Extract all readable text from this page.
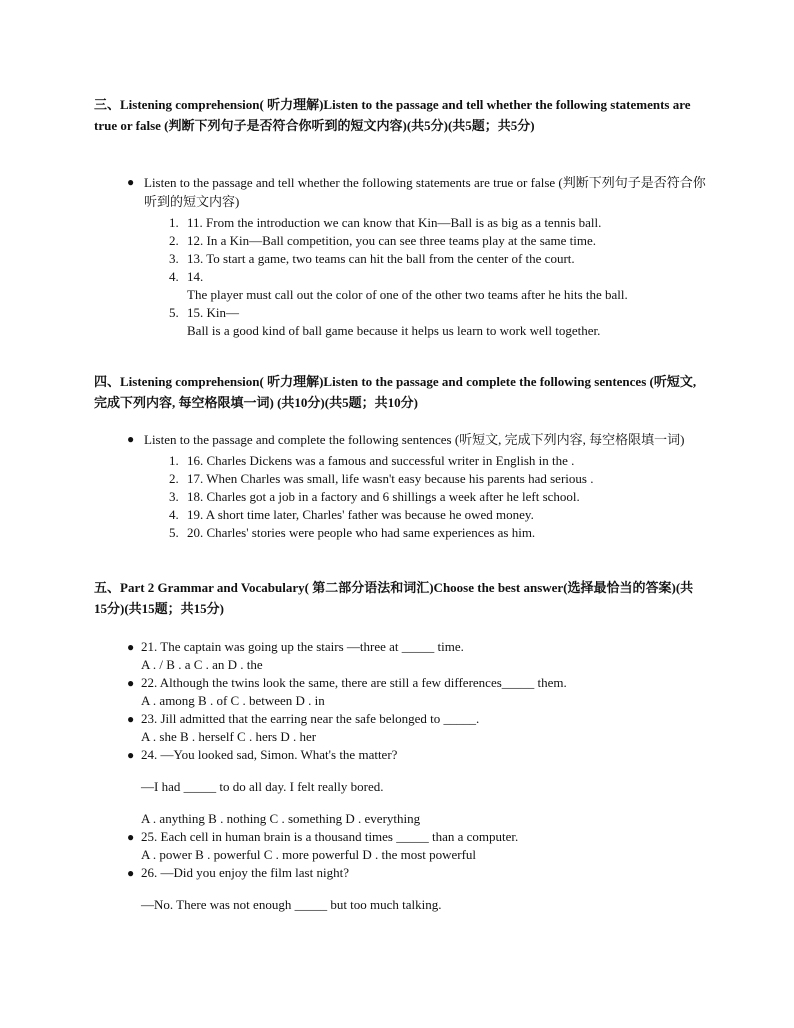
三、Listening comprehension( 听力理解)Listen to the passage and tell whether the following statements are true or false (判断下列句子是否符合你听到的短文内容)(共5分)(共5题；共5分)
● Listen to the passage and tell whether the following statements are true or false (判断下列句子是否符合你听到的短文内容)
1. 11. From the introduction we can know that Kin—Ball is as big as a tennis ball.
2. 12. In a Kin—Ball competition, you can see three teams play at the same time.
3. 13. To start a game, two teams can hit the ball from the center of the court.
4. 14.
The player must call out the color of one of the other two teams after he hits the ball.
5. 15. Kin—
Ball is a good kind of ball game because it helps us learn to work well together.
四、Listening comprehension( 听力理解)Listen to the passage and complete the following sentences (听短文, 完成下列内容, 每空格限填一词) (共10分)(共5题；共10分)
● Listen to the passage and complete the following sentences (听短文, 完成下列内容, 每空格限填一词)
1. 16. Charles Dickens was a famous and successful writer in English in the .
2. 17. When Charles was small, life wasn't easy because his parents had serious .
3. 18. Charles got a job in a factory and 6 shillings a week after he left school.
4. 19. A short time later, Charles' father was because he owed money.
5. 20. Charles' stories were people who had same experiences as him.
五、Part 2 Grammar and Vocabulary( 第二部分语法和词汇)Choose the best answer(选择最恰当的答案)(共15分)(共15题；共15分)
● 21. The captain was going up the stairs —three at _____ time.
A . / B . a C . an D . the
● 22. Although the twins look the same, there are still a few differences_____ them.
A . among B . of C . between D . in
● 23. Jill admitted that the earring near the safe belonged to _____.
A . she B . herself C . hers D . her
● 24. —You looked sad, Simon. What's the matter?
—I had _____ to do all day. I felt really bored.
A . anything B . nothing C . something D . everything
● 25. Each cell in human brain is a thousand times _____ than a computer.
A . power B . powerful C . more powerful D . the most powerful
● 26. —Did you enjoy the film last night?
—No. There was not enough _____ but too much talking.
